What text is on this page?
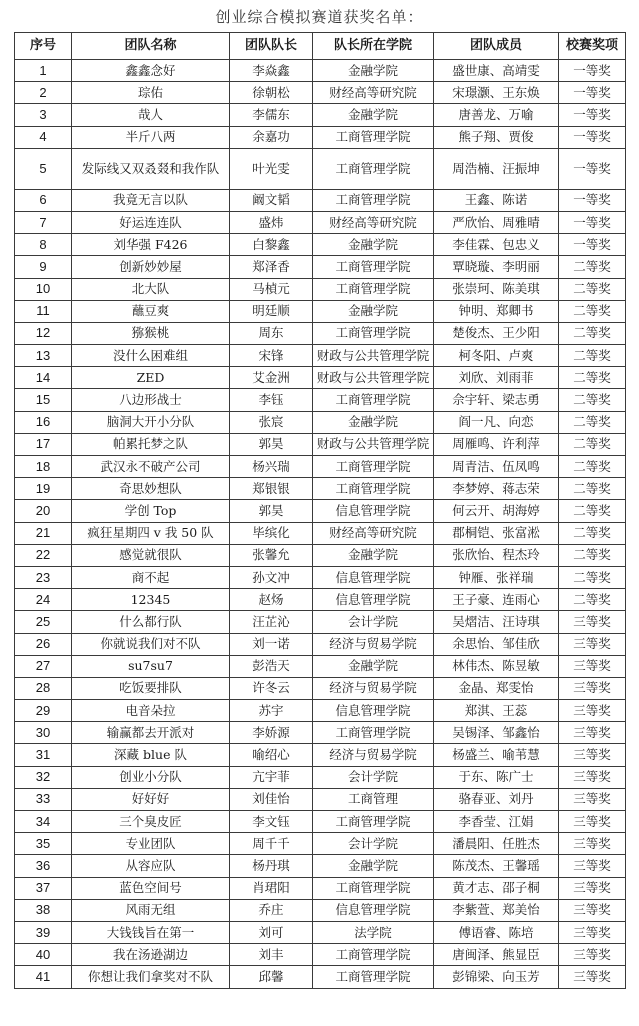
创业综合模拟赛道获奖名单：
序号	团队名称	团队队长	队长所在学院	团队成员	校赛奖项
1	鑫鑫念好	李焱鑫	金融学院	盛世康、高靖雯	一等奖
2	琮佑	徐朝松	财经高等研究院	宋璟灏、王东焕	一等奖
3	哉人	李儒东	金融学院	唐善龙、万喻	一等奖
4	半斤八两	余嘉功	工商管理学院	熊子翔、贾俊	一等奖
5	发际线又双叒叕和我作队	叶光雯	工商管理学院	周浩楠、汪振坤	一等奖
6	我竟无言以队	阚文韬	工商管理学院	王鑫、陈诺	一等奖
7	好运连连队	盛炜	财经高等研究院	严欣怡、周雅晴	一等奖
8	刘华强 F426	白黎鑫	金融学院	李佳霖、包忠义	一等奖
9	创新妙妙屋	郑泽香	工商管理学院	覃晓璇、李明丽	二等奖
10	北大队	马楨元	工商管理学院	张崇珂、陈美琪	二等奖
11	蘸豆爽	明廷顺	金融学院	钟明、郑卿书	二等奖
12	猕猴桃	周东	工商管理学院	楚俊杰、王少阳	二等奖
13	没什么困难组	宋锋	财政与公共管理学院	柯冬阳、卢爽	二等奖
14	ZED	艾金洲	财政与公共管理学院	刘欣、刘雨菲	二等奖
15	八边形战士	李钰	工商管理学院	佘宇轩、梁志勇	二等奖
16	脑洞大开小分队	张宸	金融学院	阎一凡、向恋	二等奖
17	帕累托梦之队	郭昊	财政与公共管理学院	周雁鸣、许利萍	二等奖
18	武汉永不破产公司	杨兴瑞	工商管理学院	周青洁、伍凤鸣	二等奖
19	奇思妙想队	郑银银	工商管理学院	李梦婷、蒋志荣	二等奖
20	学创 Top	郭昊	信息管理学院	何云开、胡海婷	二等奖
21	疯狂星期四 v 我 50 队	毕缤化	财经高等研究院	郡桐铠、张富淞	二等奖
22	感觉就很队	张馨允	金融学院	张欣怡、程杰玲	二等奖
23	商不起	孙文冲	信息管理学院	钟雁、张祥瑞	二等奖
24	12345	赵炀	信息管理学院	王子豪、连雨心	二等奖
25	什么都行队	汪芷沁	会计学院	吴熠洁、汪诗琪	三等奖
26	你就说我们对不队	刘一诺	经济与贸易学院	余思怡、邹佳欣	三等奖
27	su7su7	彭浩天	金融学院	林伟杰、陈昱敏	三等奖
28	吃饭要排队	许冬云	经济与贸易学院	金晶、郑雯怡	三等奖
29	电音朵拉	苏宇	信息管理学院	郑淇、王蕊	三等奖
30	输赢都去开派对	李娇源	工商管理学院	吴锡泽、邹鑫怡	三等奖
31	深藏 blue 队	喻绍心	经济与贸易学院	杨盛兰、喻苇慧	三等奖
32	创业小分队	亢宇菲	会计学院	于东、陈广士	三等奖
33	好好好	刘佳怡	工商管理	骆春亚、刘丹	三等奖
34	三个臭皮匠	李文钰	工商管理学院	李香莹、江娟	三等奖
35	专业团队	周千千	会计学院	潘晨阳、任胜杰	三等奖
36	从容应队	杨丹琪	金融学院	陈茂杰、王馨瑶	三等奖
37	蓝色空间号	肖珺阳	工商管理学院	黄才志、邵子桐	三等奖
38	风雨无组	乔庄	信息管理学院	李紫萱、郑美怡	三等奖
39	大钱钱旨在第一	刘可	法学院	傅语睿、陈培	三等奖
40	我在汤逊湖边	刘丰	工商管理学院	唐闽泽、熊显臣	三等奖
41	你想让我们拿奖对不队	邱馨	工商管理学院	彭锦梁、向玉芳	三等奖
